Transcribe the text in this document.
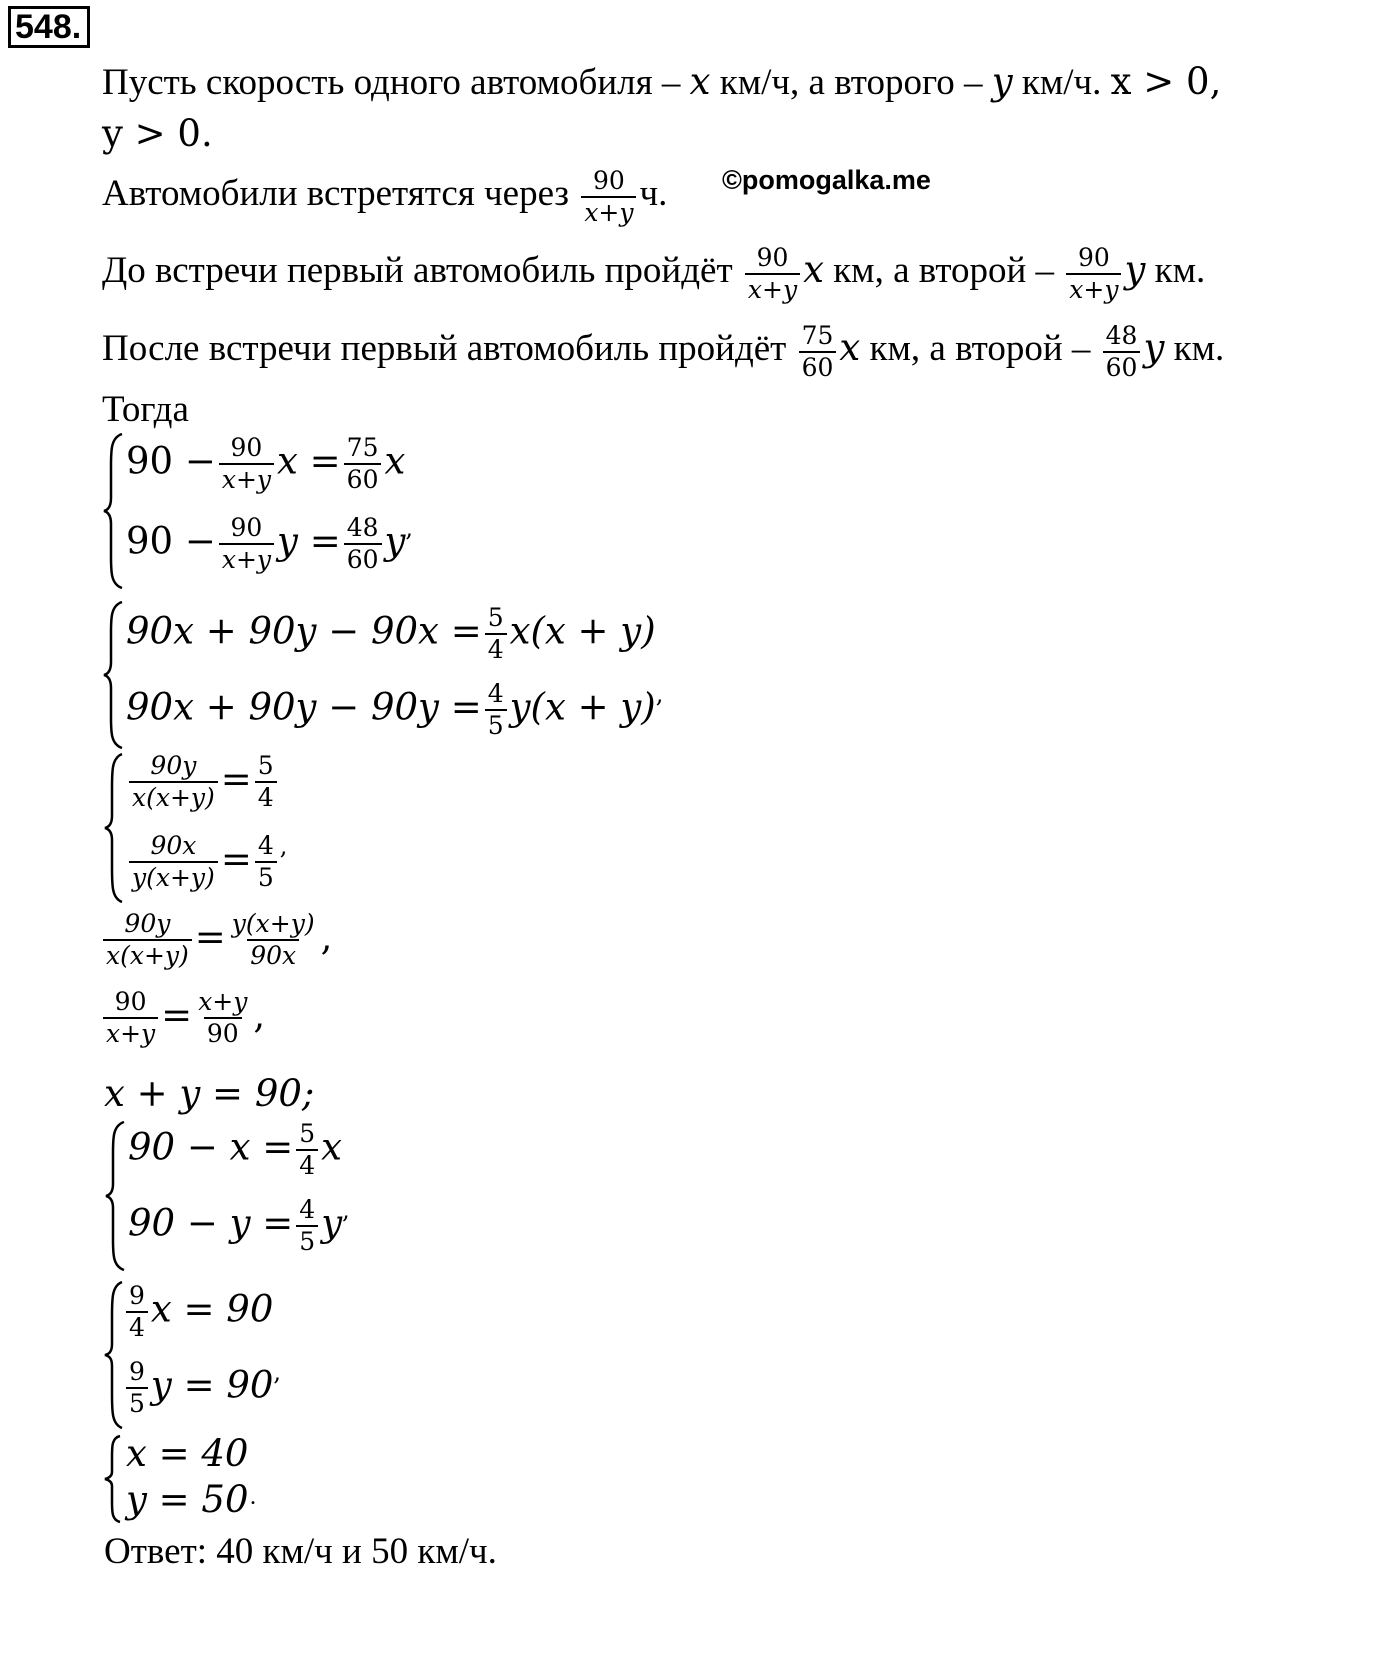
548.
©pomogalka.me
Пусть скорость одного автомобиля – x км/ч, а второго – y км/ч. x > 0,
y > 0.
Автомобили встретятся через $\frac{90}{x+y} ч$.
До встречи первый автомобиль пройдёт $\frac{90}{x+y}$ x км, а второй – $\frac{90}{x+y}$ y км.
После встречи первый автомобиль пройдёт $\frac{75}{60}$ x км, а второй – $\frac{48}{60}$ y км.
Тогда
$90 - \frac{90}{x+y}$ $x = \frac{75}{60}$ x
$90 - \frac{90}{x+y}$ $y = \frac{48}{60} y^,$
$90x + 90y - 90x = \frac{5}{4} x(x + y)$
$90x + 90y - 90y = \frac{4}{5} y(x + y)^,$
$\frac{90y}{x(x+y)} = \frac{5}{4}$
$\frac{90x}{y(x+y)} = \frac{4}{5} ^,$
$\frac{90y}{x(x+y)} = \frac{y(x+y)}{90x}$ ,
$\frac{90}{x+y} = \frac{x+y}{90}$ ,
x + y = 90;
$90 - x = \frac{5}{4}$ x
$90 - y = \frac{4}{5} y^,$
$\frac{9}{4}$ x = 90
$\frac{9}{5}$ y = 90,
x = 40
y = 50 .
Ответ: 40 км/ч и 50 км/ч.
